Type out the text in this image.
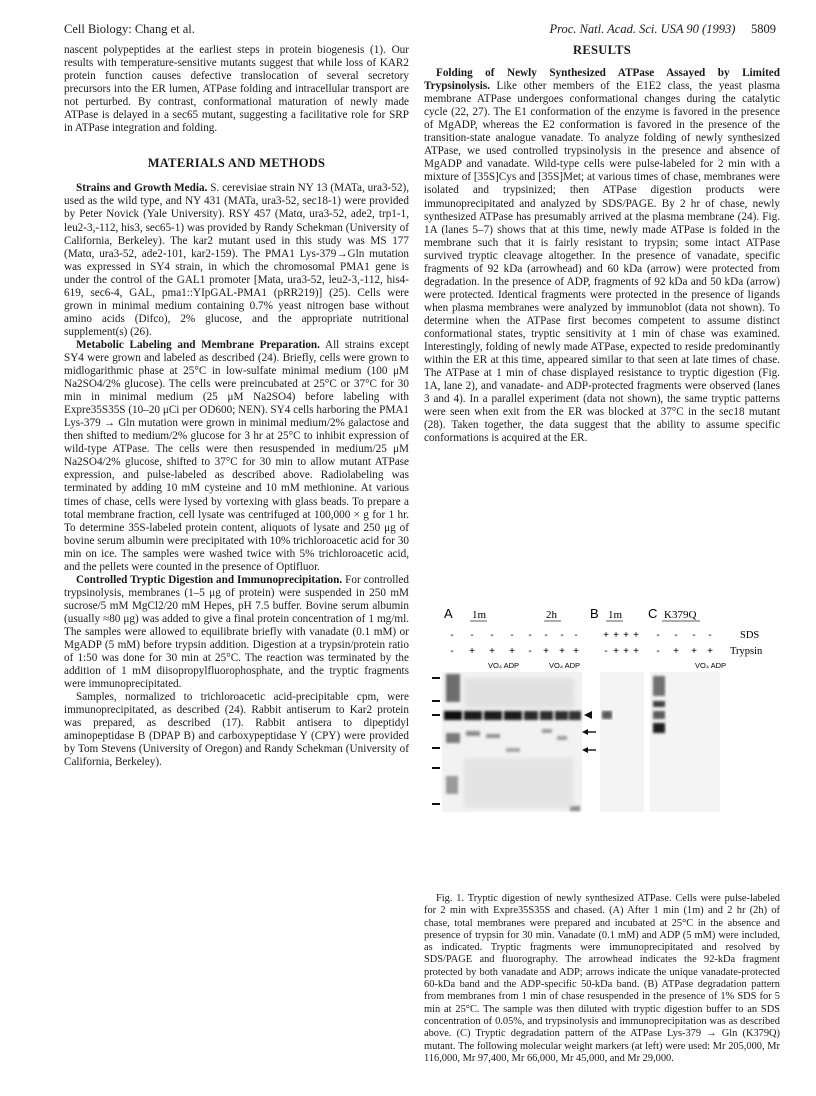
Cell Biology: Chang et al.	Proc. Natl. Acad. Sci. USA 90 (1993) 5809

nascent polypeptides at the earliest steps in protein biogenesis (1). Our results with temperature-sensitive mutants suggest that while loss of KAR2 protein function causes defective translocation of several secretory precursors into the ER lumen, ATPase folding and intracellular transport are not perturbed. By contrast, conformational maturation of newly made ATPase is delayed in a sec65 mutant, suggesting a facilitative role for SRP in ATPase integration and folding.

MATERIALS AND METHODS

Strains and Growth Media. S. cerevisiae strain NY 13 (MATa, ura3-52), used as the wild type, and NY 431 (MATa, ura3-52, sec18-1) were provided by Peter Novick (Yale University). RSY 457 (Matα, ura3-52, ade2, trp1-1, leu2-3,-112, his3, sec65-1) was provided by Randy Schekman (University of California, Berkeley). The kar2 mutant used in this study was MS 177 (Matα, ura3-52, ade2-101, kar2-159). The PMA1 Lys-379→Gln mutation was expressed in SY4 strain, in which the chromosomal PMA1 gene is under the control of the GAL1 promoter [Mata, ura3-52, leu2-3,-112, his4-619, sec6-4, GAL, pma1::YIpGAL-PMA1 (pRR219)] (25). Cells were grown in minimal medium containing 0.7% yeast nitrogen base without amino acids (Difco), 2% glucose, and the appropriate nutritional supplement(s) (26).

Metabolic Labeling and Membrane Preparation. All strains except SY4 were grown and labeled as described (24). Briefly, cells were grown to midlogarithmic phase at 25°C in low-sulfate minimal medium (100 μM Na2SO4/2% glucose). The cells were preincubated at 25°C or 37°C for 30 min in minimal medium (25 μM Na2SO4) before labeling with Expre35S35S (10–20 μCi per OD600; NEN). SY4 cells harboring the PMA1 Lys-379 → Gln mutation were grown in minimal medium/2% galactose and then shifted to medium/2% glucose for 3 hr at 25°C to inhibit expression of wild-type ATPase. The cells were then resuspended in medium/25 μM Na2SO4/2% glucose, shifted to 37°C for 30 min to allow mutant ATPase expression, and pulse-labeled as described above. Radiolabeling was terminated by adding 10 mM cysteine and 10 mM methionine. At various times of chase, cells were lysed by vortexing with glass beads. To prepare a total membrane fraction, cell lysate was centrifuged at 100,000 × g for 1 hr. To determine 35S-labeled protein content, aliquots of lysate and 250 μg of bovine serum albumin were precipitated with 10% trichloroacetic acid for 30 min on ice. The samples were washed twice with 5% trichloroacetic acid, and the pellets were counted in the presence of Optifluor.

Controlled Tryptic Digestion and Immunoprecipitation. For controlled trypsinolysis, membranes (1–5 μg of protein) were suspended in 250 mM sucrose/5 mM MgCl2/20 mM Hepes, pH 7.5 buffer. Bovine serum albumin (usually ≈80 μg) was added to give a final protein concentration of 1 mg/ml. The samples were allowed to equilibrate briefly with vanadate (0.1 mM) or MgADP (5 mM) before trypsin addition. Digestion at a trypsin/protein ratio of 1:50 was done for 30 min at 25°C. The reaction was terminated by the addition of 1 mM diisopropylfluorophosphate, and the tryptic fragments were immunoprecipitated.

Samples, normalized to trichloroacetic acid-precipitable cpm, were immunoprecipitated, as described (24). Rabbit antiserum to Kar2 protein was prepared, as described (17). Rabbit antisera to dipeptidyl aminopeptidase B (DPAP B) and carboxypeptidase Y (CPY) were provided by Tom Stevens (University of Oregon) and Randy Schekman (University of California, Berkeley).

RESULTS

Folding of Newly Synthesized ATPase Assayed by Limited Trypsinolysis. Like other members of the E1E2 class, the yeast plasma membrane ATPase undergoes conformational changes during the catalytic cycle (22, 27). The E1 conformation of the enzyme is favored in the presence of MgADP, whereas the E2 conformation is favored in the presence of the transition-state analogue vanadate. To analyze folding of newly synthesized ATPase, we used controlled trypsinolysis in the presence and absence of MgADP and vanadate. Wild-type cells were pulse-labeled for 2 min with a mixture of [35S]Cys and [35S]Met; at various times of chase, membranes were isolated and trypsinized; then ATPase digestion products were immunoprecipitated and analyzed by SDS/PAGE. By 2 hr of chase, newly synthesized ATPase has presumably arrived at the plasma membrane (24). Fig. 1A (lanes 5–7) shows that at this time, newly made ATPase is folded in the membrane such that it is fairly resistant to trypsin; some intact ATPase survived tryptic cleavage altogether. In the presence of vanadate, specific fragments of 92 kDa (arrowhead) and 60 kDa (arrow) were protected from degradation. In the presence of ADP, fragments of 92 kDa and 50 kDa (arrow) were protected. Identical fragments were protected in the presence of ligands when plasma membranes were analyzed by immunoblot (data not shown). To determine when the ATPase first becomes competent to assume distinct conformational states, tryptic sensitivity at 1 min of chase was examined. Interestingly, folding of newly made ATPase, expected to reside predominantly within the ER at this time, appeared similar to that seen at late times of chase. The ATPase at 1 min of chase displayed resistance to tryptic digestion (Fig. 1A, lane 2), and vanadate- and ADP-protected fragments were observed (lanes 3 and 4). In a parallel experiment (data not shown), the same tryptic patterns were seen when exit from the ER was blocked at 37°C in the sec18 mutant (28). Taken together, the data suggest that the ability to assume specific conformations is acquired at the ER.

A	B	C
1m	2h	1m	K379Q
SDS
Trypsin
- - - - - - - -	+ + + + - - - -
- + + + - + + +	- + + + - + + +
VO₄ ADP	VO₄ ADP	VO₄ ADP

Fig. 1. Tryptic digestion of newly synthesized ATPase. Cells were pulse-labeled for 2 min with Expre35S35S and chased. (A) After 1 min (1m) and 2 hr (2h) of chase, total membranes were prepared and incubated at 25°C in the absence and presence of trypsin for 30 min. Vanadate (0.1 mM) and ADP (5 mM) were included, as indicated. Tryptic fragments were immunoprecipitated and resolved by SDS/PAGE and fluorography. The arrowhead indicates the 92-kDa fragment protected by both vanadate and ADP; arrows indicate the unique vanadate-protected 60-kDa band and the ADP-specific 50-kDa band. (B) ATPase degradation pattern from membranes from 1 min of chase resuspended in the presence of 1% SDS for 5 min at 25°C. The sample was then diluted with tryptic digestion buffer to an SDS concentration of 0.05%, and trypsinolysis and immunoprecipitation was as described above. (C) Tryptic degradation pattern of the ATPase Lys-379 → Gln (K379Q) mutant. The following molecular weight markers (at left) were used: Mr 205,000, Mr 116,000, Mr 97,400, Mr 66,000, Mr 45,000, and Mr 29,000.
